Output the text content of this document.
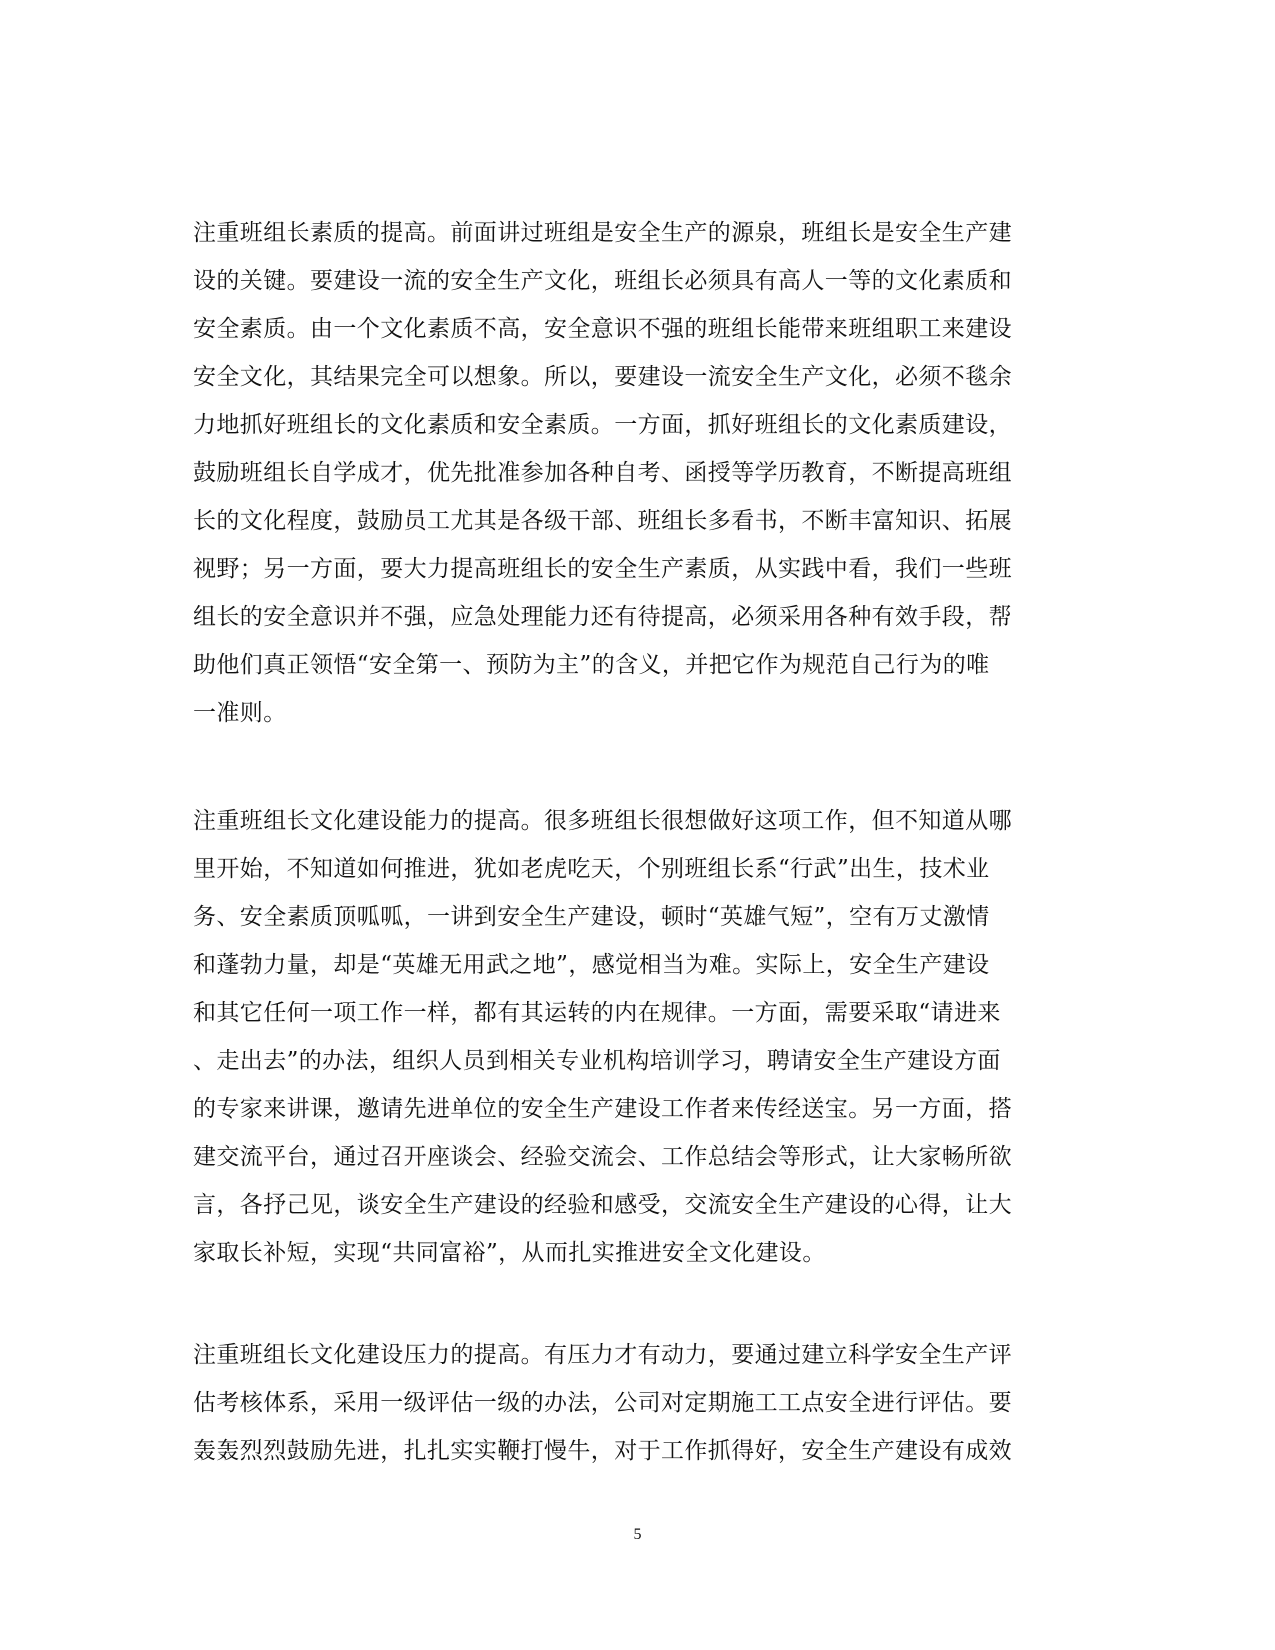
注重班组长素质的提高。前面讲过班组是安全生产的源泉，班组长是安全生产建
设的关键。要建设一流的安全生产文化，班组长必须具有高人一等的文化素质和
安全素质。由一个文化素质不高，安全意识不强的班组长能带来班组职工来建设
安全文化，其结果完全可以想象。所以，要建设一流安全生产文化，必须不毯余
力地抓好班组长的文化素质和安全素质。一方面，抓好班组长的文化素质建设，
鼓励班组长自学成才，优先批准参加各种自考、函授等学历教育，不断提高班组
长的文化程度，鼓励员工尤其是各级干部、班组长多看书，不断丰富知识、拓展
视野；另一方面，要大力提高班组长的安全生产素质，从实践中看，我们一些班
组长的安全意识并不强，应急处理能力还有待提高，必须采用各种有效手段，帮
助他们真正领悟“安全第一、预防为主”的含义，并把它作为规范自己行为的唯
一准则。
注重班组长文化建设能力的提高。很多班组长很想做好这项工作，但不知道从哪
里开始，不知道如何推进，犹如老虎吃天，个别班组长系“行武”出生，技术业
务、安全素质顶呱呱，一讲到安全生产建设，顿时“英雄气短”，空有万丈激情
和蓬勃力量，却是“英雄无用武之地”，感觉相当为难。实际上，安全生产建设
和其它任何一项工作一样，都有其运转的内在规律。一方面，需要采取“请进来
、走出去”的办法，组织人员到相关专业机构培训学习，聘请安全生产建设方面
的专家来讲课，邀请先进单位的安全生产建设工作者来传经送宝。另一方面，搭
建交流平台，通过召开座谈会、经验交流会、工作总结会等形式，让大家畅所欲
言，各抒己见，谈安全生产建设的经验和感受，交流安全生产建设的心得，让大
家取长补短，实现“共同富裕”，从而扎实推进安全文化建设。
注重班组长文化建设压力的提高。有压力才有动力，要通过建立科学安全生产评
估考核体系，采用一级评估一级的办法，公司对定期施工工点安全进行评估。要
轰轰烈烈鼓励先进，扎扎实实鞭打慢牛，对于工作抓得好，安全生产建设有成效
5
